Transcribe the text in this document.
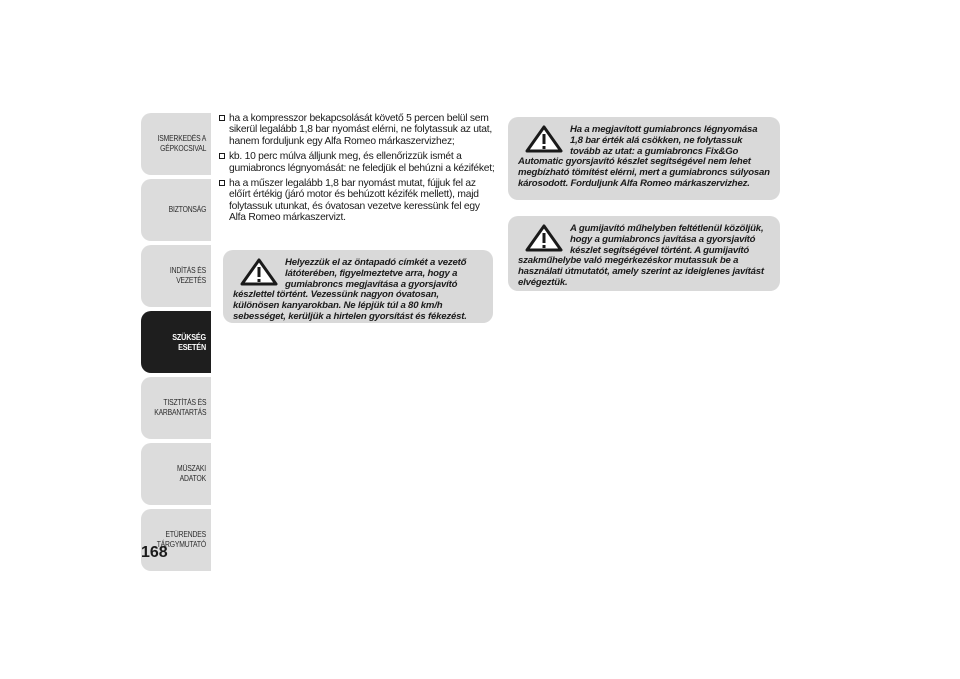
ISMERKEDÉS A
GÉPKOCSIVAL
BIZTONSÁG
INDÍTÁS ÉS VEZETÉS
SZÜKSÉG ESETÉN
TISZTÍTÁS ÉS
KARBANTARTÁS
MŰSZAKI ADATOK
ETŰRENDES
TÁRGYMUTATÓ
168
ha a kompresszor bekapcsolását követő 5 percen belül sem sikerül legalább 1,8 bar nyomást elérni, ne folytassuk az utat, hanem forduljunk egy Alfa Romeo márkaszervizhez;
kb. 10 perc múlva álljunk meg, és ellenőrizzük ismét a gumiabroncs légnyomását: ne feledjük el behúzni a kéziféket;
ha a műszer legalább 1,8 bar nyomást mutat, fújjuk fel az előírt értékig (járó motor és behúzott kézifék mellett), majd folytassuk utunkat, és óvatosan vezetve keressünk fel egy Alfa Romeo márkaszervizt.
Helyezzük el az öntapadó címkét a vezető látóterében, figyelmeztetve arra, hogy a gumiabroncs megjavítása a gyorsjavító készlettel történt. Vezessünk nagyon óvatosan, különösen kanyarokban. Ne lépjük túl a 80 km/h sebességet, kerüljük a hirtelen gyorsítást és fékezést.
Ha a megjavított gumiabroncs légnyomása 1,8 bar érték alá csökken, ne folytassuk tovább az utat: a gumiabroncs Fix&Go Automatic gyorsjavító készlet segítségével nem lehet megbízható tömítést elérni, mert a gumiabroncs súlyosan károsodott. Forduljunk Alfa Romeo márkaszervizhez.
A gumijavító műhelyben feltétlenül közöljük, hogy a gumiabroncs javítása a gyorsjavító készlet segítségével történt. A gumijavító szakműhelybe való megérkezéskor mutassuk be a használati útmutatót, amely szerint az ideiglenes javítást elvégeztük.
